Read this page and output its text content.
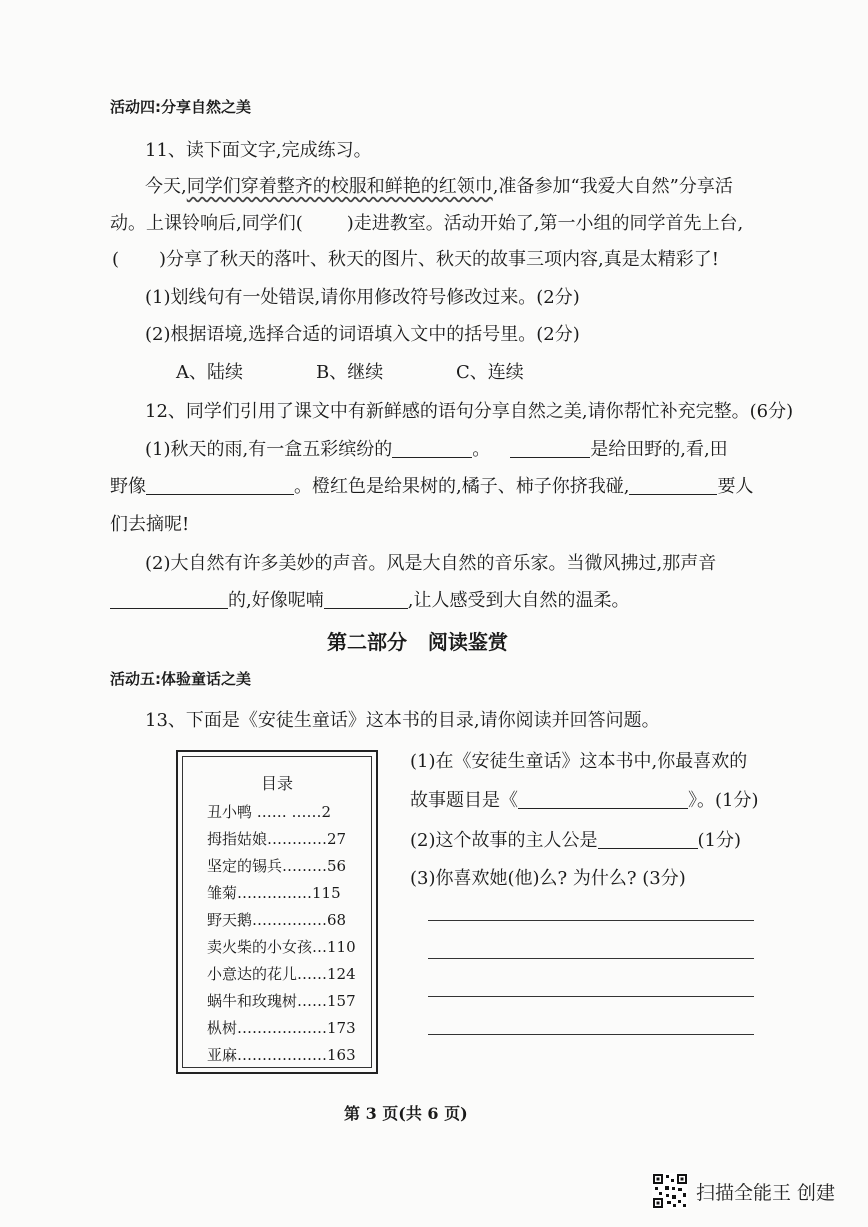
活动四:分享自然之美
11、读下面文字,完成练习。
今天,同学们穿着整齐的校服和鲜艳的红领巾,准备参加“我爱大自然”分享活
动。上课铃响后,同学们( )走进教室。活动开始了,第一小组的同学首先上台,
( )分享了秋天的落叶、秋天的图片、秋天的故事三项内容,真是太精彩了!
(1)划线句有一处错误,请你用修改符号修改过来。(2分)
(2)根据语境,选择合适的词语填入文中的括号里。(2分)
A、陆续	B、继续	C、连续
12、同学们引用了课文中有新鲜感的语句分享自然之美,请你帮忙补充完整。(6分)
(1)秋天的雨,有一盒五彩缤纷的	。	是给田野的,看,田
野像	。橙红色是给果树的,橘子、柿子你挤我碰,	要人
们去摘呢!
(2)大自然有许多美妙的声音。风是大自然的音乐家。当微风拂过,那声音
的,好像呢喃	,让人感受到大自然的温柔。
第二部分   阅读鉴赏
活动五:体验童话之美
13、下面是《安徒生童话》这本书的目录,请你阅读并回答问题。
目录
丑小鸭 …… ……2
拇指姑娘…………27
坚定的锡兵………56
雏菊……………115
野天鹅……………68
卖火柴的小女孩…110
小意达的花儿……124
蜗牛和玫瑰树……157
枞树………………173
亚麻………………163
(1)在《安徒生童话》这本书中,你最喜欢的
故事题目是《	》。(1分)
(2)这个故事的主人公是	(1分)
(3)你喜欢她(他)么? 为什么? (3分)
第 3 页(共 6 页)
扫描全能王 创建
